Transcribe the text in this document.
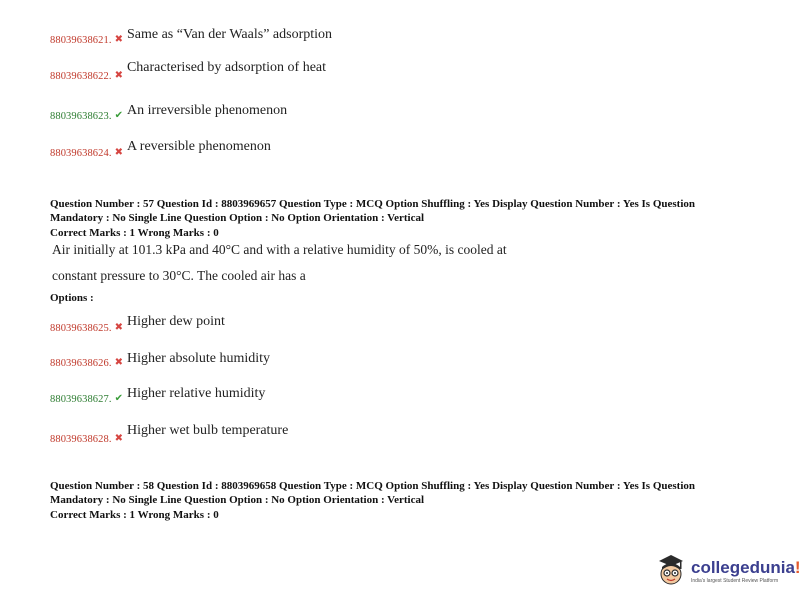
88039638621. ✖ Same as “Van der Waals” adsorption
88039638622. ✖
Characterised by adsorption of heat
88039638623. ✔ An irreversible phenomenon
88039638624. ✖ A reversible phenomenon
Question Number : 57 Question Id : 8803969657 Question Type : MCQ Option Shuffling : Yes Display Question Number : Yes Is Question
Mandatory : No Single Line Question Option : No Option Orientation : Vertical
Correct Marks : 1 Wrong Marks : 0
Air initially at 101.3 kPa and 40°C and with a relative humidity of 50%, is cooled at
constant pressure to 30°C. The cooled air has a
Options :
88039638625. ✖ Higher dew point
88039638626. ✖ Higher absolute humidity
88039638627. ✔ Higher relative humidity
88039638628. ✖
Higher wet bulb temperature
Question Number : 58 Question Id : 8803969658 Question Type : MCQ Option Shuffling : Yes Display Question Number : Yes Is Question
Mandatory : No Single Line Question Option : No Option Orientation : Vertical
Correct Marks : 1 Wrong Marks : 0
collegedunia!
India's largest Student Review Platform
